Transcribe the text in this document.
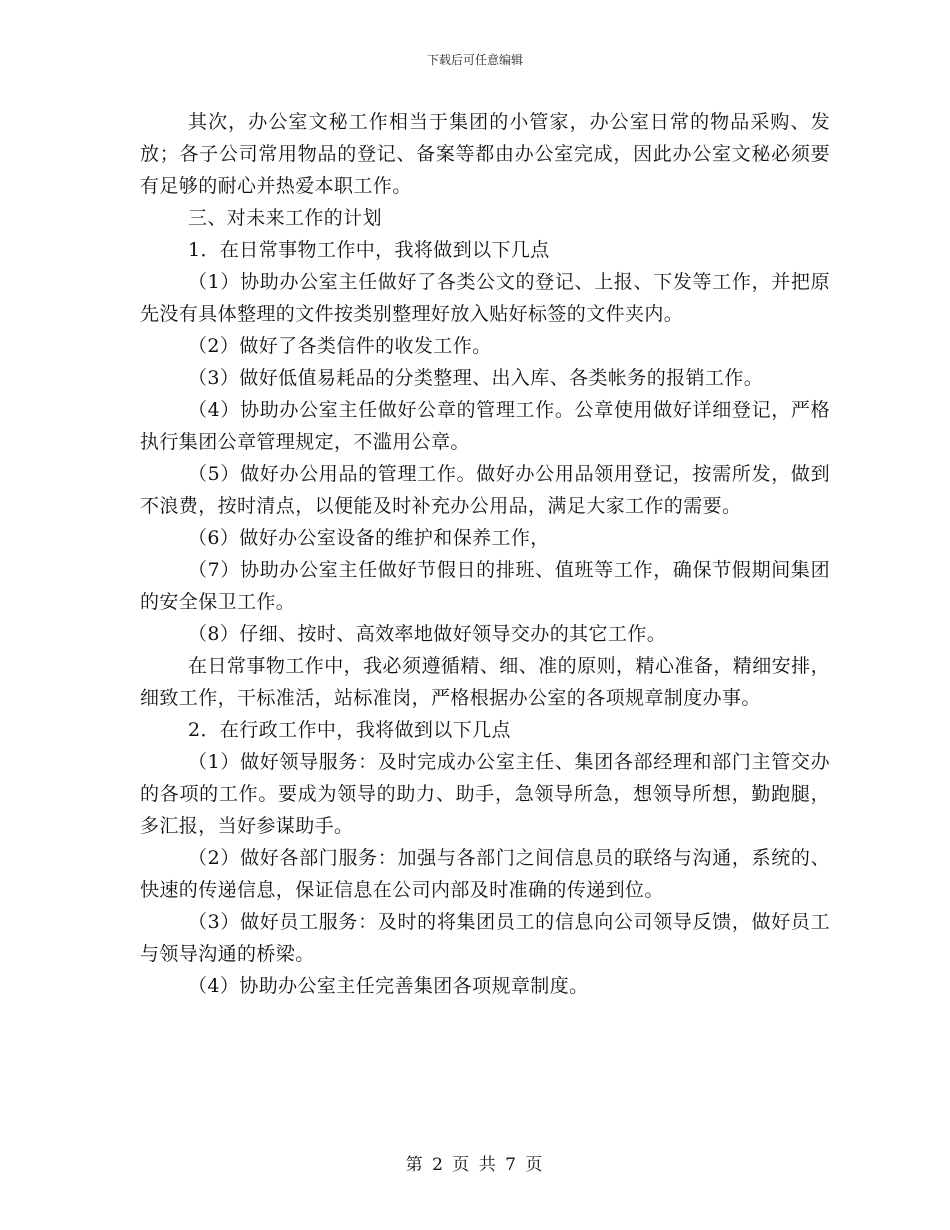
下载后可任意编辑

其次，办公室文秘工作相当于集团的小管家，办公室日常的物品采购、发放；各子公司常用物品的登记、备案等都由办公室完成，因此办公室文秘必须要有足够的耐心并热爱本职工作。

三、对未来工作的计划

1．在日常事物工作中，我将做到以下几点

（1）协助办公室主任做好了各类公文的登记、上报、下发等工作，并把原先没有具体整理的文件按类别整理好放入贴好标签的文件夹内。

（2）做好了各类信件的收发工作。

（3）做好低值易耗品的分类整理、出入库、各类帐务的报销工作。

（4）协助办公室主任做好公章的管理工作。公章使用做好详细登记，严格执行集团公章管理规定，不滥用公章。

（5）做好办公用品的管理工作。做好办公用品领用登记，按需所发，做到不浪费，按时清点，以便能及时补充办公用品，满足大家工作的需要。

（6）做好办公室设备的维护和保养工作，

（7）协助办公室主任做好节假日的排班、值班等工作，确保节假期间集团的安全保卫工作。

（8）仔细、按时、高效率地做好领导交办的其它工作。

在日常事物工作中，我必须遵循精、细、准的原则，精心准备，精细安排，细致工作，干标准活，站标准岗，严格根据办公室的各项规章制度办事。

2．在行政工作中，我将做到以下几点

（1）做好领导服务：及时完成办公室主任、集团各部经理和部门主管交办的各项的工作。要成为领导的助力、助手，急领导所急，想领导所想，勤跑腿，多汇报，当好参谋助手。

（2）做好各部门服务：加强与各部门之间信息员的联络与沟通，系统的、快速的传递信息，保证信息在公司内部及时准确的传递到位。

（3）做好员工服务：及时的将集团员工的信息向公司领导反馈，做好员工与领导沟通的桥梁。

（4）协助办公室主任完善集团各项规章制度。

第 2 页 共 7 页
